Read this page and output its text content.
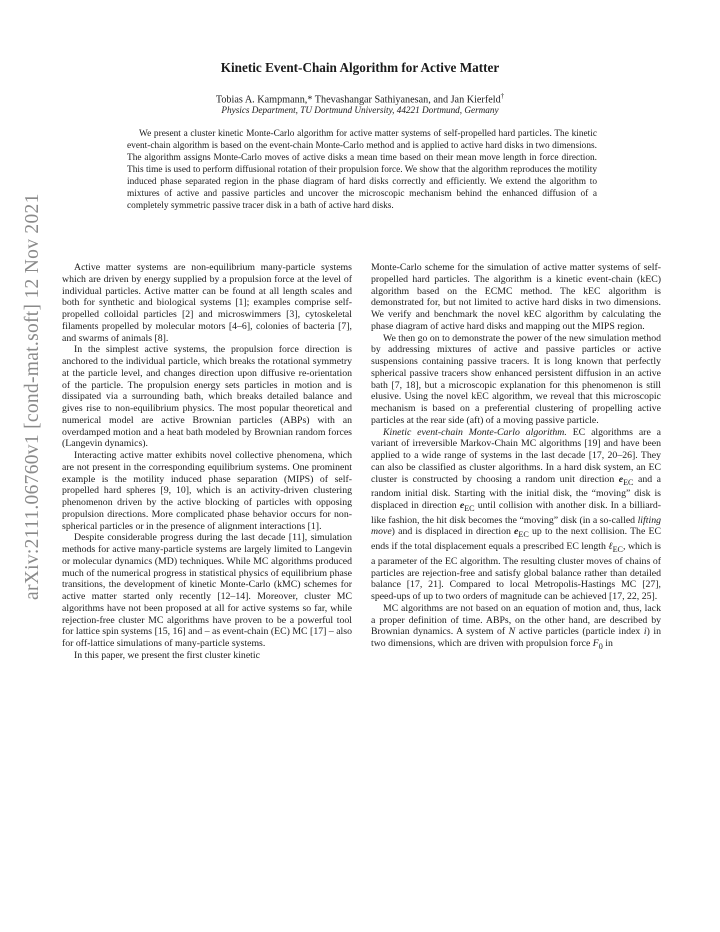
arXiv:2111.06760v1 [cond-mat.soft] 12 Nov 2021
Kinetic Event-Chain Algorithm for Active Matter
Tobias A. Kampmann,* Thevashangar Sathiyanesan, and Jan Kierfeld†
Physics Department, TU Dortmund University, 44221 Dortmund, Germany

We present a cluster kinetic Monte-Carlo algorithm for active matter systems of self-propelled hard particles. The kinetic event-chain algorithm is based on the event-chain Monte-Carlo method and is applied to active hard disks in two dimensions. The algorithm assigns Monte-Carlo moves of active disks a mean time based on their mean move length in force direction. This time is used to perform diffusional rotation of their propulsion force. We show that the algorithm reproduces the motility induced phase separated region in the phase diagram of hard disks correctly and efficiently. We extend the algorithm to mixtures of active and passive particles and uncover the microscopic mechanism behind the enhanced diffusion of a completely symmetric passive tracer disk in a bath of active hard disks.

Active matter systems are non-equilibrium many-particle systems which are driven by energy supplied by a propulsion force at the level of individual particles. Active matter can be found at all length scales and both for synthetic and biological systems [1]; examples comprise self-propelled colloidal particles [2] and microswimmers [3], cytoskeletal filaments propelled by molecular motors [4–6], colonies of bacteria [7], and swarms of animals [8].

In the simplest active systems, the propulsion force direction is anchored to the individual particle, which breaks the rotational symmetry at the particle level, and changes direction upon diffusive re-orientation of the particle. The propulsion energy sets particles in motion and is dissipated via a surrounding bath, which breaks detailed balance and gives rise to non-equilibrium physics. The most popular theoretical and numerical model are active Brownian particles (ABPs) with an overdamped motion and a heat bath modeled by Brownian random forces (Langevin dynamics).

Interacting active matter exhibits novel collective phenomena, which are not present in the corresponding equilibrium systems. One prominent example is the motility induced phase separation (MIPS) of self-propelled hard spheres [9, 10], which is an activity-driven clustering phenomenon driven by the active blocking of particles with opposing propulsion directions. More complicated phase behavior occurs for non-spherical particles or in the presence of alignment interactions [1].

Despite considerable progress during the last decade [11], simulation methods for active many-particle systems are largely limited to Langevin or molecular dynamics (MD) techniques. While MC algorithms produced much of the numerical progress in statistical physics of equilibrium phase transitions, the development of kinetic Monte-Carlo (kMC) schemes for active matter started only recently [12–14]. Moreover, cluster MC algorithms have not been proposed at all for active systems so far, while rejection-free cluster MC algorithms have proven to be a powerful tool for lattice spin systems [15, 16] and – as event-chain (EC) MC [17] – also for off-lattice simulations of many-particle systems.

In this paper, we present the first cluster kinetic

Monte-Carlo scheme for the simulation of active matter systems of self-propelled hard particles. The algorithm is a kinetic event-chain (kEC) algorithm based on the ECMC method. The kEC algorithm is demonstrated for, but not limited to active hard disks in two dimensions. We verify and benchmark the novel kEC algorithm by calculating the phase diagram of active hard disks and mapping out the MIPS region.

We then go on to demonstrate the power of the new simulation method by addressing mixtures of active and passive particles or active suspensions containing passive tracers. It is long known that perfectly spherical passive tracers show enhanced persistent diffusion in an active bath [7, 18], but a microscopic explanation for this phenomenon is still elusive. Using the novel kEC algorithm, we reveal that this microscopic mechanism is based on a preferential clustering of propelling active particles at the rear side (aft) of a moving passive particle.

Kinetic event-chain Monte-Carlo algorithm. EC algorithms are a variant of irreversible Markov-Chain MC algorithms [19] and have been applied to a wide range of systems in the last decade [17, 20–26]. They can also be classified as cluster algorithms. In a hard disk system, an EC cluster is constructed by choosing a random unit direction $e_{EC}$ and a random initial disk. Starting with the initial disk, the “moving” disk is displaced in direction $e_{EC}$ until collision with another disk. In a billiard-like fashion, the hit disk becomes the “moving” disk (in a so-called lifting move) and is displaced in direction $e_{EC}$ up to the next collision. The EC ends if the total displacement equals a prescribed EC length ℓ$_{EC}$, which is a parameter of the EC algorithm. The resulting cluster moves of chains of particles are rejection-free and satisfy global balance rather than detailed balance [17, 21]. Compared to local Metropolis-Hastings MC [27], speed-ups of up to two orders of magnitude can be achieved [17, 22, 25].

MC algorithms are not based on an equation of motion and, thus, lack a proper definition of time. ABPs, on the other hand, are described by Brownian dynamics. A system of N active particles (particle index i) in two dimensions, which are driven with propulsion force $F_0$ in
